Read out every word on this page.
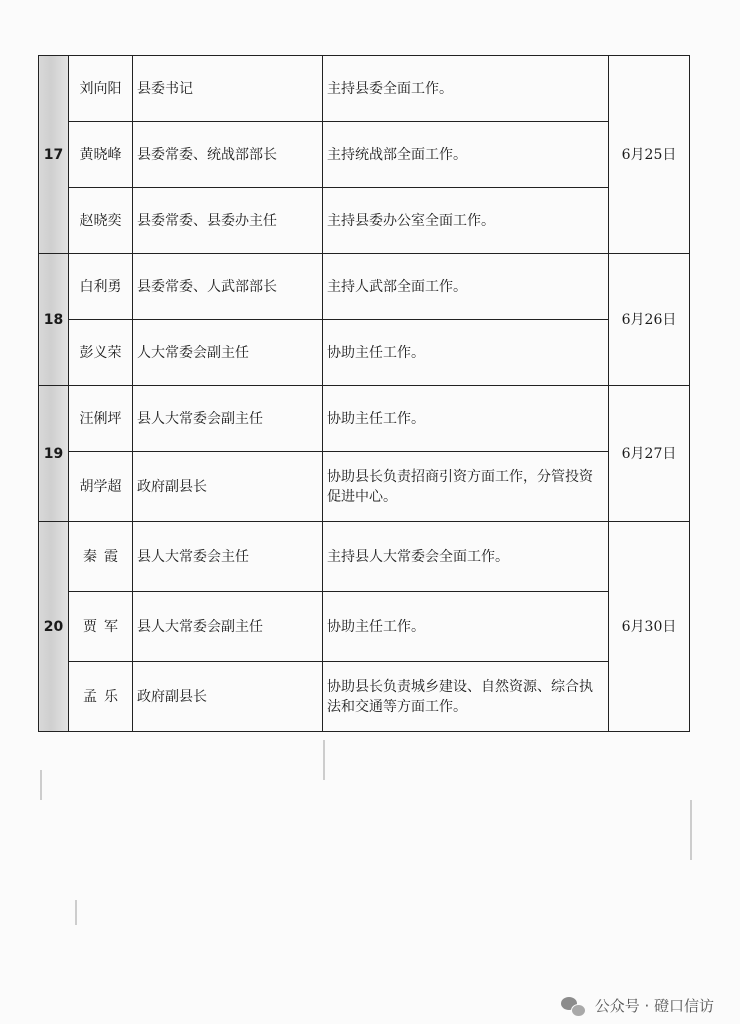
17	刘向阳	县委书记	主持县委全面工作。	6月25日
	黄晓峰	县委常委、统战部部长	主持统战部全面工作。	
	赵晓奕	县委常委、县委办主任	主持县委办公室全面工作。	
18	白利勇	县委常委、人武部部长	主持人武部全面工作。	6月26日
	彭义荣	人大常委会副主任	协助主任工作。	
19	汪俐坪	县人大常委会副主任	协助主任工作。	6月27日
	胡学超	政府副县长	协助县长负责招商引资方面工作，分管投资促进中心。	
20	秦 霞	县人大常委会主任	主持县人大常委会全面工作。	6月30日

	贾 军	县人大常委会副主任	协助主任工作。	

	孟 乐	政府副县长	协助县长负责城乡建设、自然资源、综合执法和交通等方面工作。	
公众号 · 磴口信访
